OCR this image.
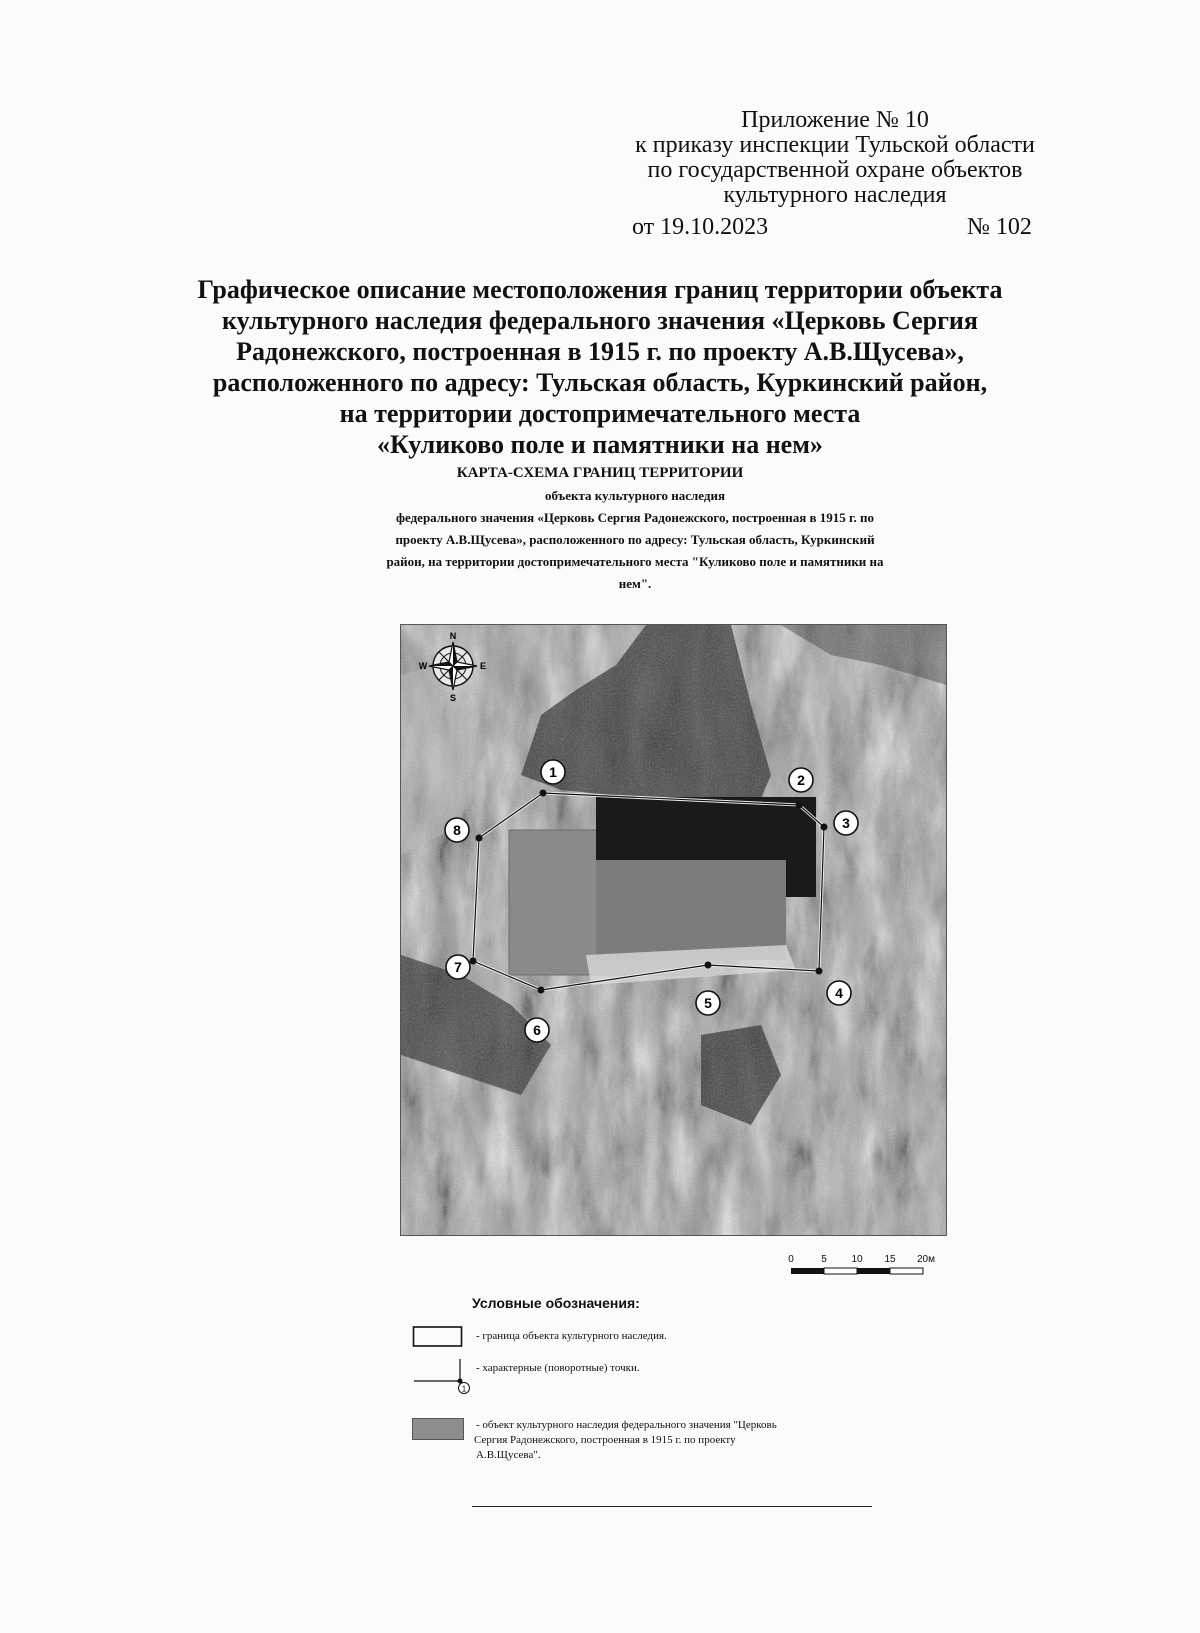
Приложение № 10
к приказу инспекции Тульской области
по государственной охране объектов
культурного наследия
от 19.10.2023	№ 102
Графическое описание местоположения границ территории объекта
культурного наследия федерального значения «Церковь Сергия
Радонежского, построенная в 1915 г. по проекту А.В.Щусева»,
расположенного по адресу: Тульская область, Куркинский район,
на территории достопримечательного места
«Куликово поле и памятники на нем»
КАРТА-СХЕМА ГРАНИЦ ТЕРРИТОРИИ
объекта культурного наследия
федерального значения «Церковь Сергия Радонежского, построенная в 1915 г. по
проекту А.В.Щусева», расположенного по адресу: Тульская область, Куркинский
район, на территории достопримечательного места "Куликово поле и памятники на
нем".
1	2
3
4
5
6
7
8
N
S
W	E
0	5 10 15 20м
Условные обозначения:
- граница объекта культурного наследия.
1
- характерные (поворотные) точки.
- объект культурного наследия федерального значения "Церковь
Сергия Радонежского, построенная в 1915 г. по проекту
А.В.Щусева".
